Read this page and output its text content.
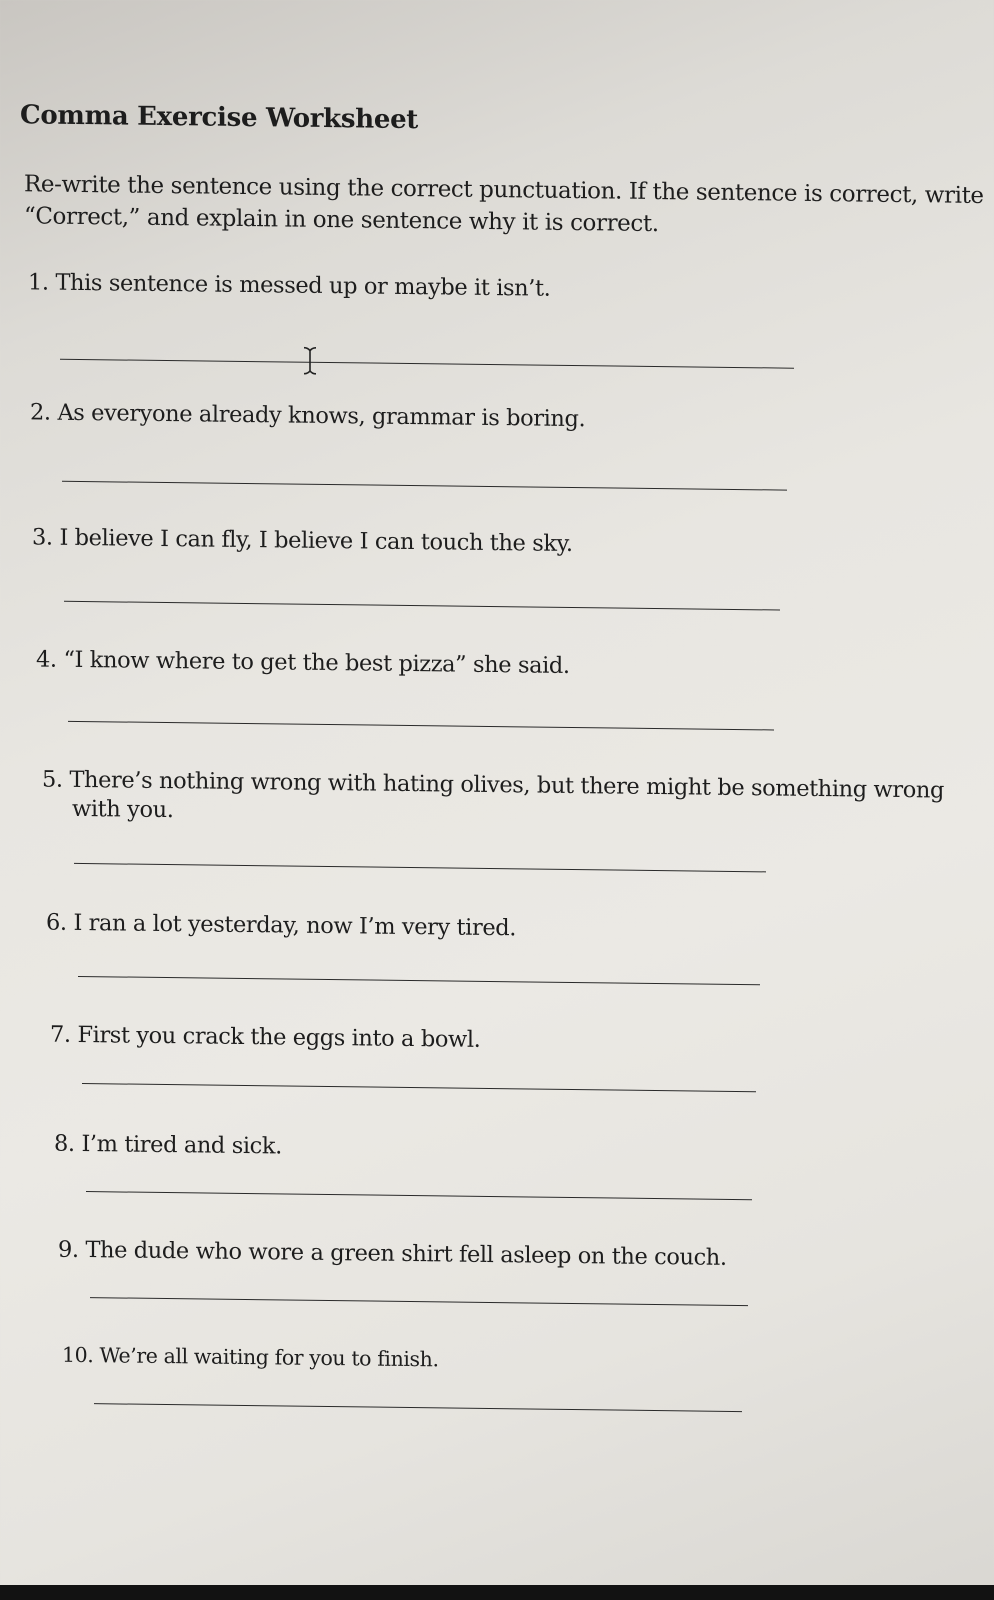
Comma Exercise Worksheet

Re-write the sentence using the correct punctuation. If the sentence is correct, write
“Correct,” and explain in one sentence why it is correct.

1. This sentence is messed up or maybe it isn’t.

2. As everyone already knows, grammar is boring.

3. I believe I can fly, I believe I can touch the sky.

4. “I know where to get the best pizza” she said.

5. There’s nothing wrong with hating olives, but there might be something wrong

with you.

6. I ran a lot yesterday, now I’m very tired.

7. First you crack the eggs into a bowl.

8. I’m tired and sick.

9. The dude who wore a green shirt fell asleep on the couch.

10. We’re all waiting for you to finish.
